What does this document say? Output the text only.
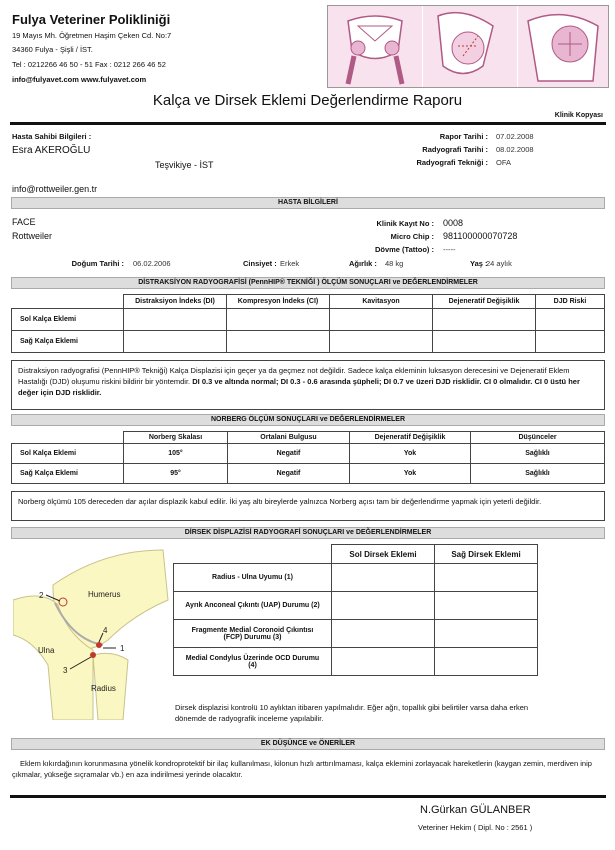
Fulya Veteriner Polikliniği
19 Mayıs Mh. Öğretmen Haşim Çeken Cd. No:7
34360 Fulya - Şişli / İST.
Tel : 0212266 46 50 - 51 Fax : 0212 266 46 52
info@fulyavet.com www.fulyavet.com
Kalça ve Dirsek Eklemi Değerlendirme Raporu
Klinik Kopyası
Hasta Sahibi Bilgileri :
Esra AKEROĞLU
Teşvikiye - İST
info@rottweiler.gen.tr
Rapor Tarihi : 07.02.2008
Radyografi Tarihi : 08.02.2008
Radyografi Tekniği : OFA
HASTA BİLGİLERİ
FACE
Rottweiler
Klinik Kayıt No : 0008
Micro Chip : 981100000070728
Dövme (Tattoo) : -----
Doğum Tarihi : 06.02.2006	Cinsiyet : Erkek	Ağırlık : 48 kg	Yaş :
24 aylık
DİSTRAKSİYON RADYOGRAFİSİ (PennHIP® TEKNİĞİ ) ÖLÇÜM SONUÇLARI ve DEĞERLENDİRMELER
	Distraksiyon İndeks (DI)	Kompresyon İndeks (CI)	Kavitasyon	Dejeneratif Değişiklik	DJD Riski
Sol Kalça Eklemi					
Sağ Kalça Eklemi					
Distraksiyon radyografisi (PennHIP® Tekniği) Kalça Displazisi için geçer ya da geçmez not değildir. Sadece kalça ekleminin luksasyon derecesini ve Dejeneratif Eklem Hastalığı (DJD) oluşumu riskini bildirir bir yöntemdir. DI 0.3 ve altında normal; DI 0.3 - 0.6 arasında şüpheli; DI 0.7 ve üzeri DJD risklidir. CI 0 olmalıdır. CI 0 üstü her değer için DJD risklidir.
NORBERG ÖLÇÜM SONUÇLARI ve DEĞERLENDİRMELER
	Norberg Skalası	Ortalani Bulgusu	Dejeneratif Değişiklik	Düşünceler
Sol Kalça Eklemi	105°	Negatif	Yok	Sağlıklı
Sağ Kalça Eklemi	95°	Negatif	Yok	Sağlıklı
Norberg ölçümü 105 dereceden dar açılar displazik kabul edilir. İki yaş altı bireylerde yalnızca Norberg açısı tam bir değerlendirme yapmak için yeterli değildir.
DİRSEK DİSPLAZİSİ RADYOGRAFİ SONUÇLARI ve DEĞERLENDİRMELER
Humerus
Ulna
Radius
1
2
3
4
	Sol Dirsek Eklemi	Sağ Dirsek Eklemi
Radius - Ulna Uyumu (1)		
Ayrık Anconeal Çıkıntı (UAP) Durumu (2)		
Fragmente Medial Coronoid Çıkıntısı (FCP) Durumu (3)		
Medial Condylus Üzerinde OCD Durumu (4)		
Dirsek displazisi kontrolü 10 aylıktan itibaren yapılmalıdır. Eğer ağrı, topallık gibi belirtiler varsa daha erken dönemde de radyografik inceleme yapılabilir.
EK DÜŞÜNCE ve ÖNERİLER
Eklem kıkırdağının korunmasına yönelik kondroprotektif bir ilaç kullanılması, kilonun hızlı arttırılmaması, kalça eklemini zorlayacak hareketlerin (kaygan zemin, merdiven inip çıkmalar, yükseğe sıçramalar vb.) en aza indirilmesi yerinde olacaktır.
N.Gürkan GÜLANBER
Veteriner Hekim ( Dipl. No : 2561 )
